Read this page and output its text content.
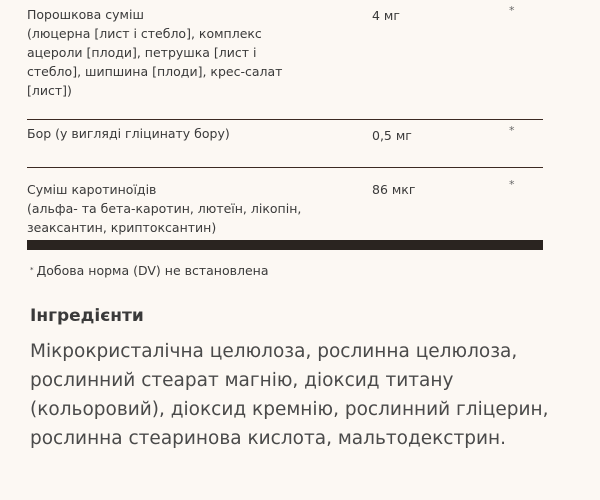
Порошкова суміш
(люцерна [лист і стебло], комплекс
ацероли [плоди], петрушка [лист і
стебло], шипшина [плоди], крес-салат
[лист])
4 мг	*
Бор (у вигляді гліцинату бору)	0,5 мг	*
Суміш каротиноїдів
(альфа- та бета-каротин, лютеїн, лікопін,
зеаксантин, криптоксантин)
86 мкг	*
* Добова норма (DV) не встановлена
Інгредієнти
Мікрокристалічна целюлоза, рослинна целюлоза, рослинний стеарат магнію, діоксид титану (кольоровий), діоксид кремнію, рослинний гліцерин, рослинна стеаринова кислота, мальтодекстрин.
